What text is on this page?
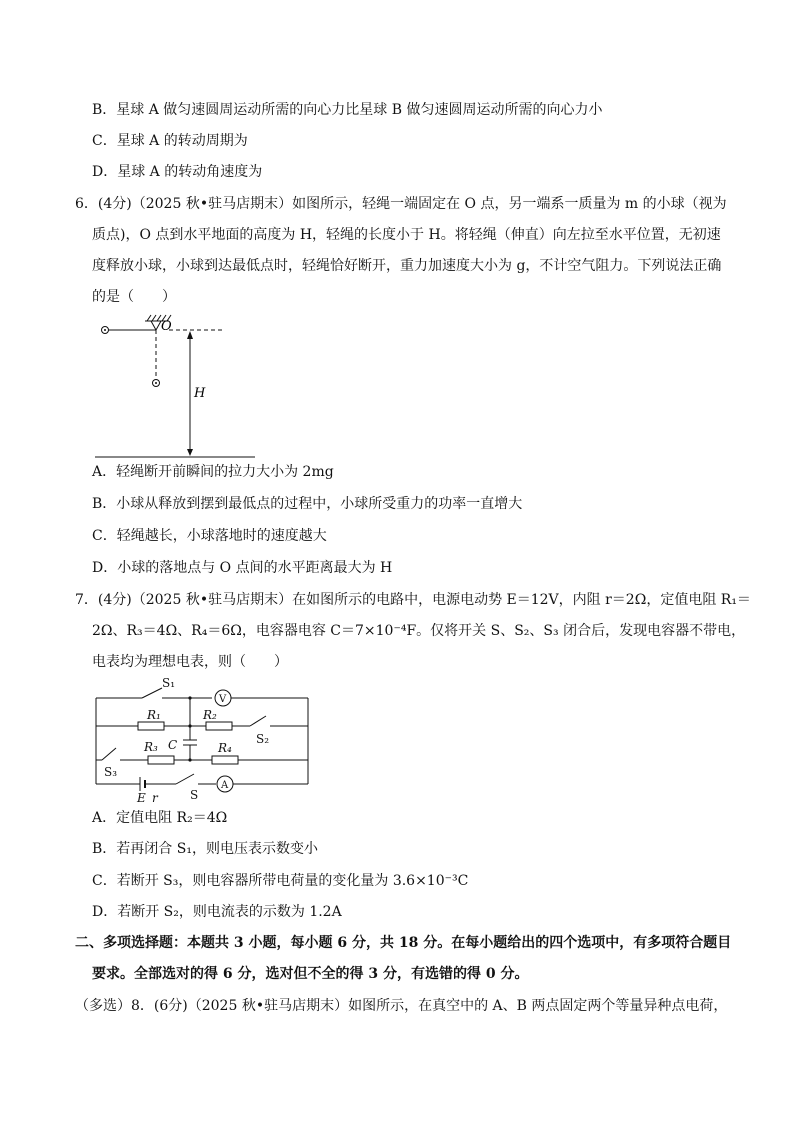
B．星球 A 做匀速圆周运动所需的向心力比星球 B 做匀速圆周运动所需的向心力小
C．星球 A 的转动周期为
D．星球 A 的转动角速度为
6．(4分)（2025 秋•驻马店期末）如图所示，轻绳一端固定在 O 点，另一端系一质量为 m 的小球（视为
质点)，O 点到水平地面的高度为 H，轻绳的长度小于 H。将轻绳（伸直）向左拉至水平位置，无初速
度释放小球，小球到达最低点时，轻绳恰好断开，重力加速度大小为 g，不计空气阻力。下列说法正确
的是（　　）
O
H
A．轻绳断开前瞬间的拉力大小为 2mg
B．小球从释放到摆到最低点的过程中，小球所受重力的功率一直增大
C．轻绳越长，小球落地时的速度越大
D．小球的落地点与 O 点间的水平距离最大为 H
7．(4分)（2025 秋•驻马店期末）在如图所示的电路中，电源电动势 E＝12V，内阻 r＝2Ω，定值电阻 R₁＝
2Ω、R₃＝4Ω、R₄＝6Ω，电容器电容 C＝7×10⁻⁴F。仅将开关 S、S₂、S₃ 闭合后，发现电容器不带电，
电表均为理想电表，则（　　）
S₁
V
R₁	R₂
S₂
C
R₃	R₄
S₃
E r	S
A
A．定值电阻 R₂＝4Ω
B．若再闭合 S₁，则电压表示数变小
C．若断开 S₃，则电容器所带电荷量的变化量为 3.6×10⁻³C
D．若断开 S₂，则电流表的示数为 1.2A
二、多项选择题：本题共 3 小题，每小题 6 分，共 18 分。在每小题给出的四个选项中，有多项符合题目
要求。全部选对的得 6 分，选对但不全的得 3 分，有选错的得 0 分。
（多选）8．(6分)（2025 秋•驻马店期末）如图所示，在真空中的 A、B 两点固定两个等量异种点电荷，
